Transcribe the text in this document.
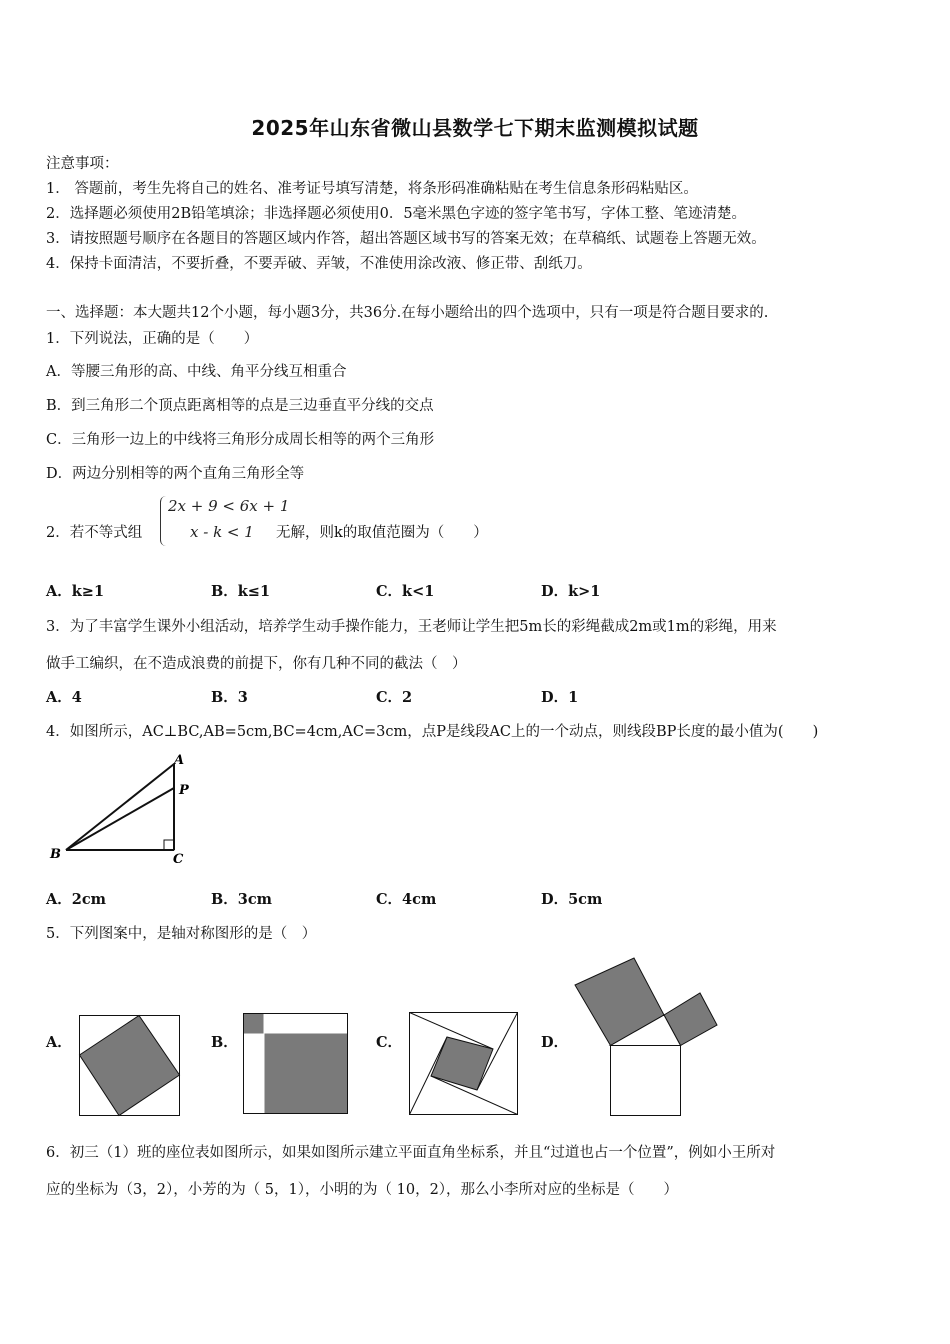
2025年山东省微山县数学七下期末监测模拟试题
注意事项：
1． 答题前，考生先将自己的姓名、准考证号填写清楚，将条形码准确粘贴在考生信息条形码粘贴区。
2．选择题必须使用2B铅笔填涂；非选择题必须使用0．5毫米黑色字迹的签字笔书写，字体工整、笔迹清楚。
3．请按照题号顺序在各题目的答题区域内作答，超出答题区域书写的答案无效；在草稿纸、试题卷上答题无效。
4．保持卡面清洁，不要折叠，不要弄破、弄皱，不准使用涂改液、修正带、刮纸刀。
一、选择题：本大题共12个小题，每小题3分，共36分.在每小题给出的四个选项中，只有一项是符合题目要求的.
1．下列说法，正确的是（　　）
A．等腰三角形的高、中线、角平分线互相重合
B．到三角形二个顶点距离相等的点是三边垂直平分线的交点
C．三角形一边上的中线将三角形分成周长相等的两个三角形
D．两边分别相等的两个直角三角形全等
2．若不等式组
2x + 9 < 6x + 1
x - k < 1 无解，则k的取值范圈为（　　）
A．k≥1	B．k≤1	C．k<1	D．k>1
3．为了丰富学生课外小组活动，培养学生动手操作能力，王老师让学生把5m长的彩绳截成2m或1m的彩绳，用来
做手工编织，在不造成浪费的前提下，你有几种不同的截法（　）
A．4	B．3	C．2	D．1
4．如图所示，AC⊥BC,AB=5cm,BC=4cm,AC=3cm，点P是线段AC上的一个动点，则线段BP长度的最小值为(　　)
A
P
B	C
A．2cm	B．3cm	C．4cm	D．5cm
5．下列图案中，是轴对称图形的是（　）
A．	B．	C．	D．
6．初三（1）班的座位表如图所示，如果如图所示建立平面直角坐标系，并且“过道也占一个位置”，例如小王所对
应的坐标为（3，2），小芳的为（ 5，1），小明的为（ 10，2），那么小李所对应的坐标是（　　）
